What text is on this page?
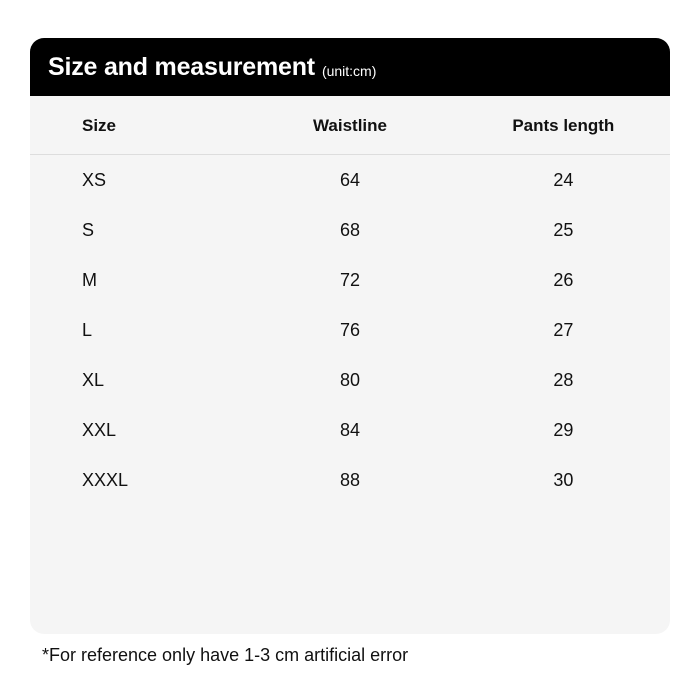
Size and measurement (unit:cm)
Size	Waistline	Pants length
XS	64	24
S	68	25
M	72	26
L	76	27
XL	80	28
XXL	84	29
XXXL	88	30
*For reference only have 1-3 cm artificial error
